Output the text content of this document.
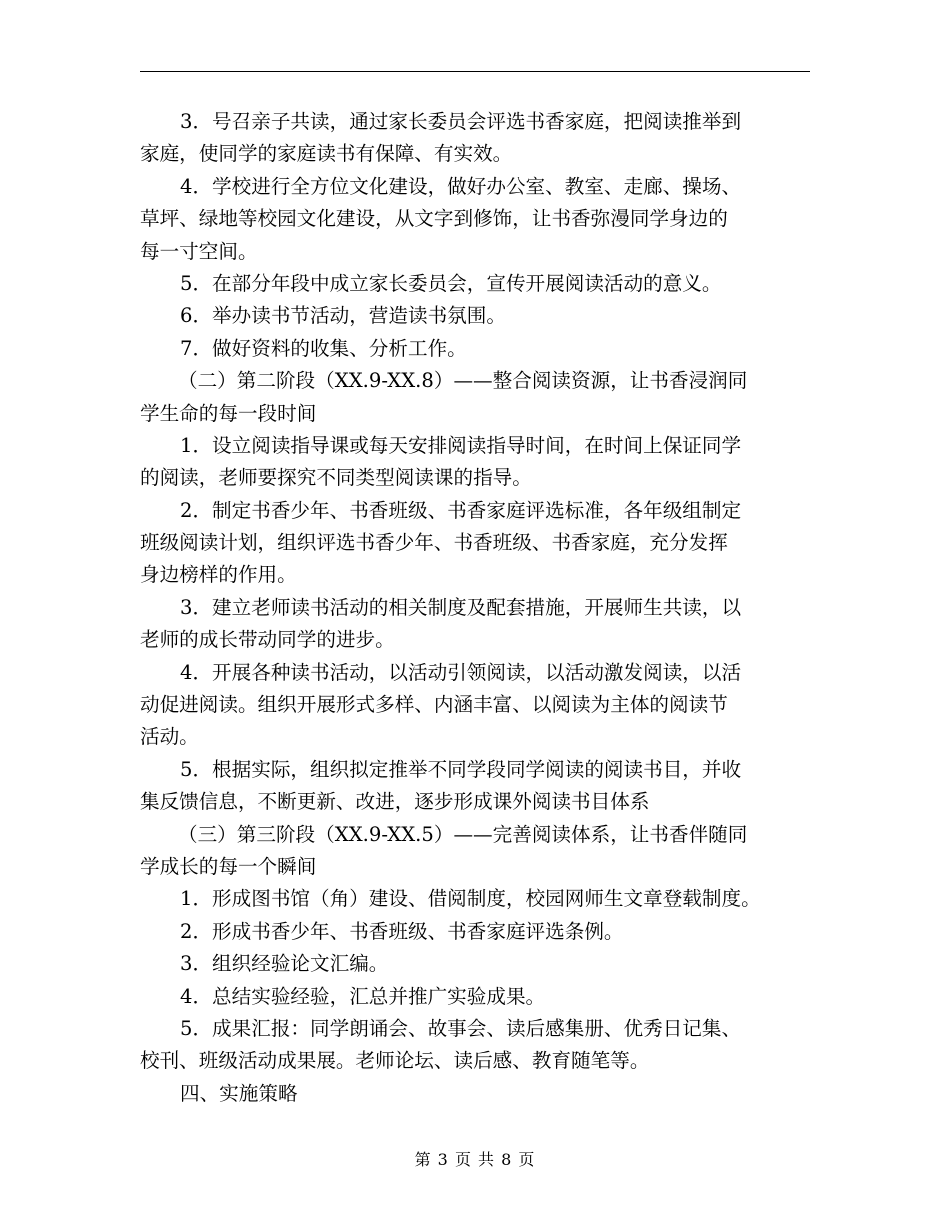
3．号召亲子共读，通过家长委员会评选书香家庭，把阅读推举到
家庭，使同学的家庭读书有保障、有实效。
4．学校进行全方位文化建设，做好办公室、教室、走廊、操场、
草坪、绿地等校园文化建设，从文字到修饰，让书香弥漫同学身边的
每一寸空间。
5．在部分年段中成立家长委员会，宣传开展阅读活动的意义。
6．举办读书节活动，营造读书氛围。
7．做好资料的收集、分析工作。
（二）第二阶段（XX.9-XX.8）——整合阅读资源，让书香浸润同
学生命的每一段时间
1．设立阅读指导课或每天安排阅读指导时间，在时间上保证同学
的阅读，老师要探究不同类型阅读课的指导。
2．制定书香少年、书香班级、书香家庭评选标准，各年级组制定
班级阅读计划，组织评选书香少年、书香班级、书香家庭，充分发挥
身边榜样的作用。
3．建立老师读书活动的相关制度及配套措施，开展师生共读，以
老师的成长带动同学的进步。
4．开展各种读书活动，以活动引领阅读，以活动激发阅读，以活
动促进阅读。组织开展形式多样、内涵丰富、以阅读为主体的阅读节
活动。
5．根据实际，组织拟定推举不同学段同学阅读的阅读书目，并收
集反馈信息，不断更新、改进，逐步形成课外阅读书目体系
（三）第三阶段（XX.9-XX.5）——完善阅读体系，让书香伴随同
学成长的每一个瞬间
1．形成图书馆（角）建设、借阅制度，校园网师生文章登载制度。
2．形成书香少年、书香班级、书香家庭评选条例。
3．组织经验论文汇编。
4．总结实验经验，汇总并推广实验成果。
5．成果汇报：同学朗诵会、故事会、读后感集册、优秀日记集、
校刊、班级活动成果展。老师论坛、读后感、教育随笔等。
四、实施策略
第 3 页 共 8 页
